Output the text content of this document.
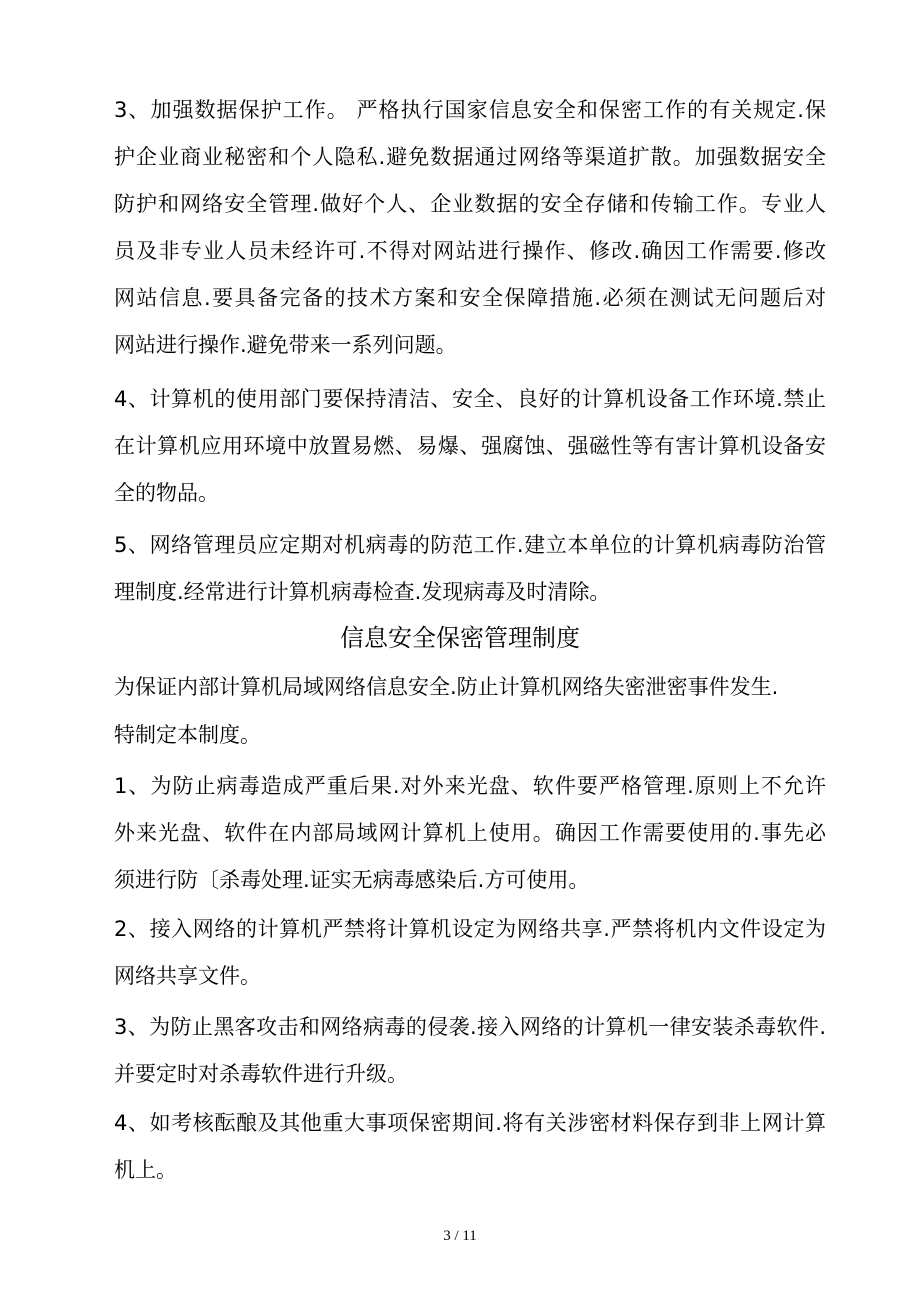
3、加强数据保护工作。 严格执行国家信息安全和保密工作的有关规定.保
护企业商业秘密和个人隐私.避免数据通过网络等渠道扩散。加强数据安全
防护和网络安全管理.做好个人、企业数据的安全存储和传输工作。专业人
员及非专业人员未经许可.不得对网站进行操作、修改.确因工作需要.修改
网站信息.要具备完备的技术方案和安全保障措施.必须在测试无问题后对
网站进行操作.避免带来一系列问题。
4、计算机的使用部门要保持清洁、安全、良好的计算机设备工作环境.禁止
在计算机应用环境中放置易燃、易爆、强腐蚀、强磁性等有害计算机设备安
全的物品。
5、网络管理员应定期对机病毒的防范工作.建立本单位的计算机病毒防治管
理制度.经常进行计算机病毒检查.发现病毒及时清除。
信息安全保密管理制度
为保证内部计算机局域网络信息安全.防止计算机网络失密泄密事件发生.
特制定本制度。
1、为防止病毒造成严重后果.对外来光盘、软件要严格管理.原则上不允许
外来光盘、软件在内部局域网计算机上使用。确因工作需要使用的.事先必
须进行防〔杀毒处理.证实无病毒感染后.方可使用。
2、接入网络的计算机严禁将计算机设定为网络共享.严禁将机内文件设定为
网络共享文件。
3、为防止黑客攻击和网络病毒的侵袭.接入网络的计算机一律安装杀毒软件.
并要定时对杀毒软件进行升级。
4、如考核酝酿及其他重大事项保密期间.将有关涉密材料保存到非上网计算
机上。
3 / 11
